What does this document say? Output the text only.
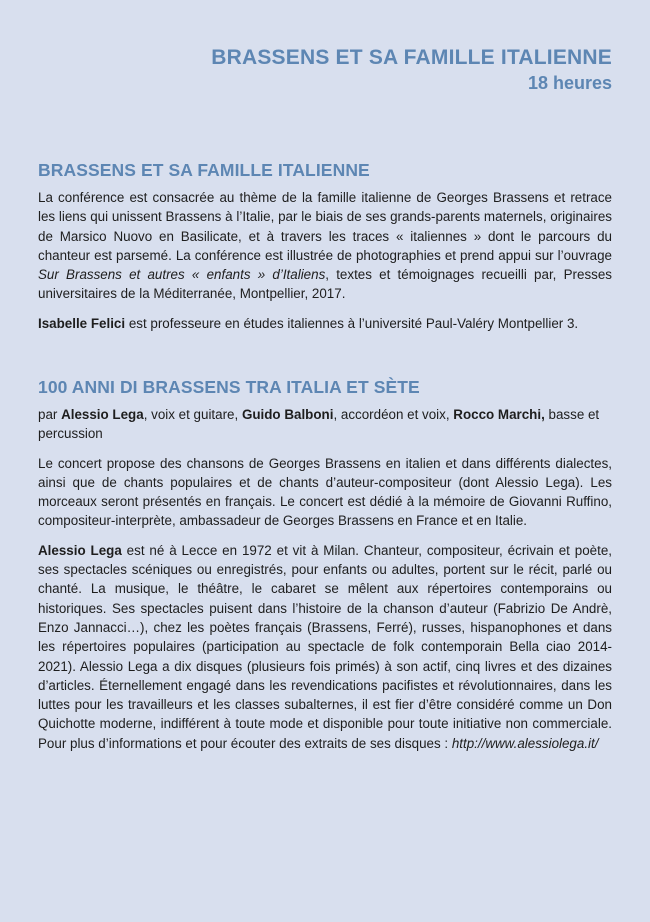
BRASSENS ET SA FAMILLE ITALIENNE
18 heures
BRASSENS ET SA FAMILLE ITALIENNE

La conférence est consacrée au thème de la famille italienne de Georges Brassens et retrace les liens qui unissent Brassens à l’Italie, par le biais de ses grands-parents maternels, originaires de Marsico Nuovo en Basilicate, et à travers les traces « italiennes » dont le parcours du chanteur est parsemé. La conférence est illustrée de photographies et prend appui sur l’ouvrage Sur Brassens et autres « enfants » d’Italiens, textes et témoignages recueilli par, Presses universitaires de la Méditerranée, Montpellier, 2017.

Isabelle Felici est professeure en études italiennes à l’université Paul-Valéry Montpellier 3.

100 ANNI DI BRASSENS TRA ITALIA ET SÈTE

par Alessio Lega, voix et guitare, Guido Balboni, accordéon et voix, Rocco Marchi, basse et percussion

Le concert propose des chansons de Georges Brassens en italien et dans différents dialectes, ainsi que de chants populaires et de chants d’auteur-compositeur (dont Alessio Lega). Les morceaux seront présentés en français. Le concert est dédié à la mémoire de Giovanni Ruffino, compositeur-interprète, ambassadeur de Georges Brassens en France et en Italie.

Alessio Lega est né à Lecce en 1972 et vit à Milan. Chanteur, compositeur, écrivain et poète, ses spectacles scéniques ou enregistrés, pour enfants ou adultes, portent sur le récit, parlé ou chanté. La musique, le théâtre, le cabaret se mêlent aux répertoires contemporains ou historiques. Ses spectacles puisent dans l’histoire de la chanson d’auteur (Fabrizio De Andrè, Enzo Jannacci…), chez les poètes français (Brassens, Ferré), russes, hispanophones et dans les répertoires populaires (participation au spectacle de folk contemporain Bella ciao 2014-2021). Alessio Lega a dix disques (plusieurs fois primés) à son actif, cinq livres et des dizaines d’articles. Éternellement engagé dans les revendications pacifistes et révolutionnaires, dans les luttes pour les travailleurs et les classes subalternes, il est fier d’être considéré comme un Don Quichotte moderne, indifférent à toute mode et disponible pour toute initiative non commerciale. Pour plus d’informations et pour écouter des extraits de ses disques : http://www.alessiolega.it/
